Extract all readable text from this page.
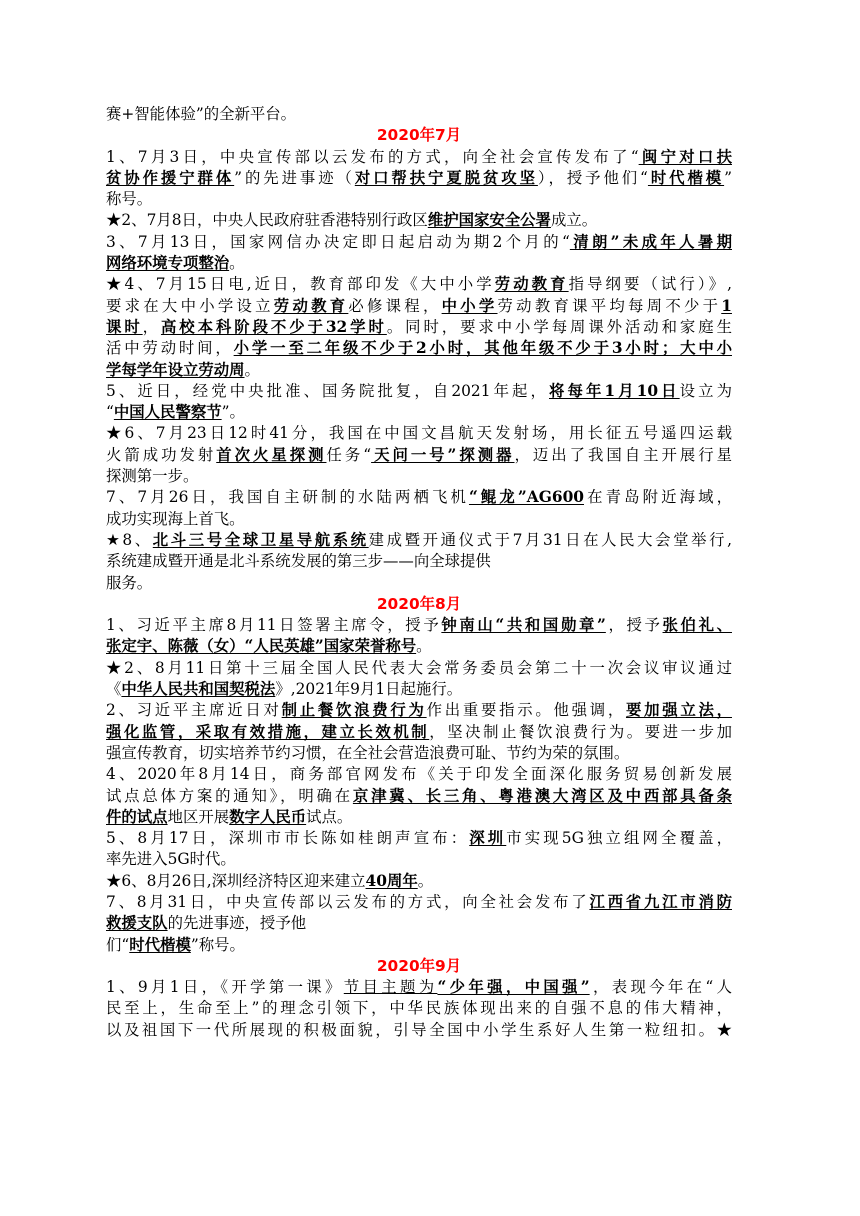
赛+智能体验”的全新平台。
2020年7月
1、7月3日，中央宣传部以云发布的方式，向全社会宣传发布了“闽宁对口扶
贫协作援宁群体”的先进事迹（对口帮扶宁夏脱贫攻坚），授予他们“时代楷模”
称号。
★2、7月8日，中央人民政府驻香港特别行政区维护国家安全公署成立。
3、7月13日，国家网信办决定即日起启动为期2个月的“清朗”未成年人暑期
网络环境专项整治。
★4、7月15日电,近日，教育部印发《大中小学劳动教育指导纲要（试行）》,
要求在大中小学设立劳动教育必修课程，中小学劳动教育课平均每周不少于1
课时，高校本科阶段不少于32学时。同时，要求中小学每周课外活动和家庭生
活中劳动时间，小学一至二年级不少于2小时，其他年级不少于3小时；大中小
学每学年设立劳动周。
5、近日，经党中央批准、国务院批复，自2021年起，将每年1月10日设立为
“中国人民警察节”。
★6、7月23日12时41分，我国在中国文昌航天发射场，用长征五号遥四运载
火箭成功发射首次火星探测任务“天问一号”探测器，迈出了我国自主开展行星
探测第一步。
7、7月26日，我国自主研制的水陆两栖飞机“鲲龙”AG600在青岛附近海域，
成功实现海上首飞。
★8、北斗三号全球卫星导航系统建成暨开通仪式于7月31日在人民大会堂举行,
系统建成暨开通是北斗系统发展的第三步——向全球提供
服务。
2020年8月
1、习近平主席8月11日签署主席令，授予钟南山“共和国勋章”，授予张伯礼、
张定宇、陈薇（女）“人民英雄”国家荣誉称号。
★2、8月11日第十三届全国人民代表大会常务委员会第二十一次会议审议通过
《中华人民共和国契税法》,2021年9月1日起施行。
2、习近平主席近日对制止餐饮浪费行为作出重要指示。他强调，要加强立法，
强化监管，采取有效措施，建立长效机制，坚决制止餐饮浪费行为。要进一步加
强宣传教育，切实培养节约习惯，在全社会营造浪费可耻、节约为荣的氛围。
4、2020年8月14日，商务部官网发布《关于印发全面深化服务贸易创新发展
试点总体方案的通知》，明确在京津冀、长三角、粤港澳大湾区及中西部具备条
件的试点地区开展数字人民币试点。
5、8月17日，深圳市市长陈如桂朗声宣布：深圳市实现5G独立组网全覆盖，
率先进入5G时代。
★6、8月26日,深圳经济特区迎来建立40周年。
7、8月31日，中央宣传部以云发布的方式，向全社会发布了江西省九江市消防
救援支队的先进事迹，授予他
们“时代楷模”称号。
2020年9月
1、9月1日，《开学第一课》节目主题为“少年强，中国强”，表现今年在“人
民至上，生命至上”的理念引领下，中华民族体现出来的自强不息的伟大精神，
以及祖国下一代所展现的积极面貌，引导全国中小学生系好人生第一粒纽扣。★
